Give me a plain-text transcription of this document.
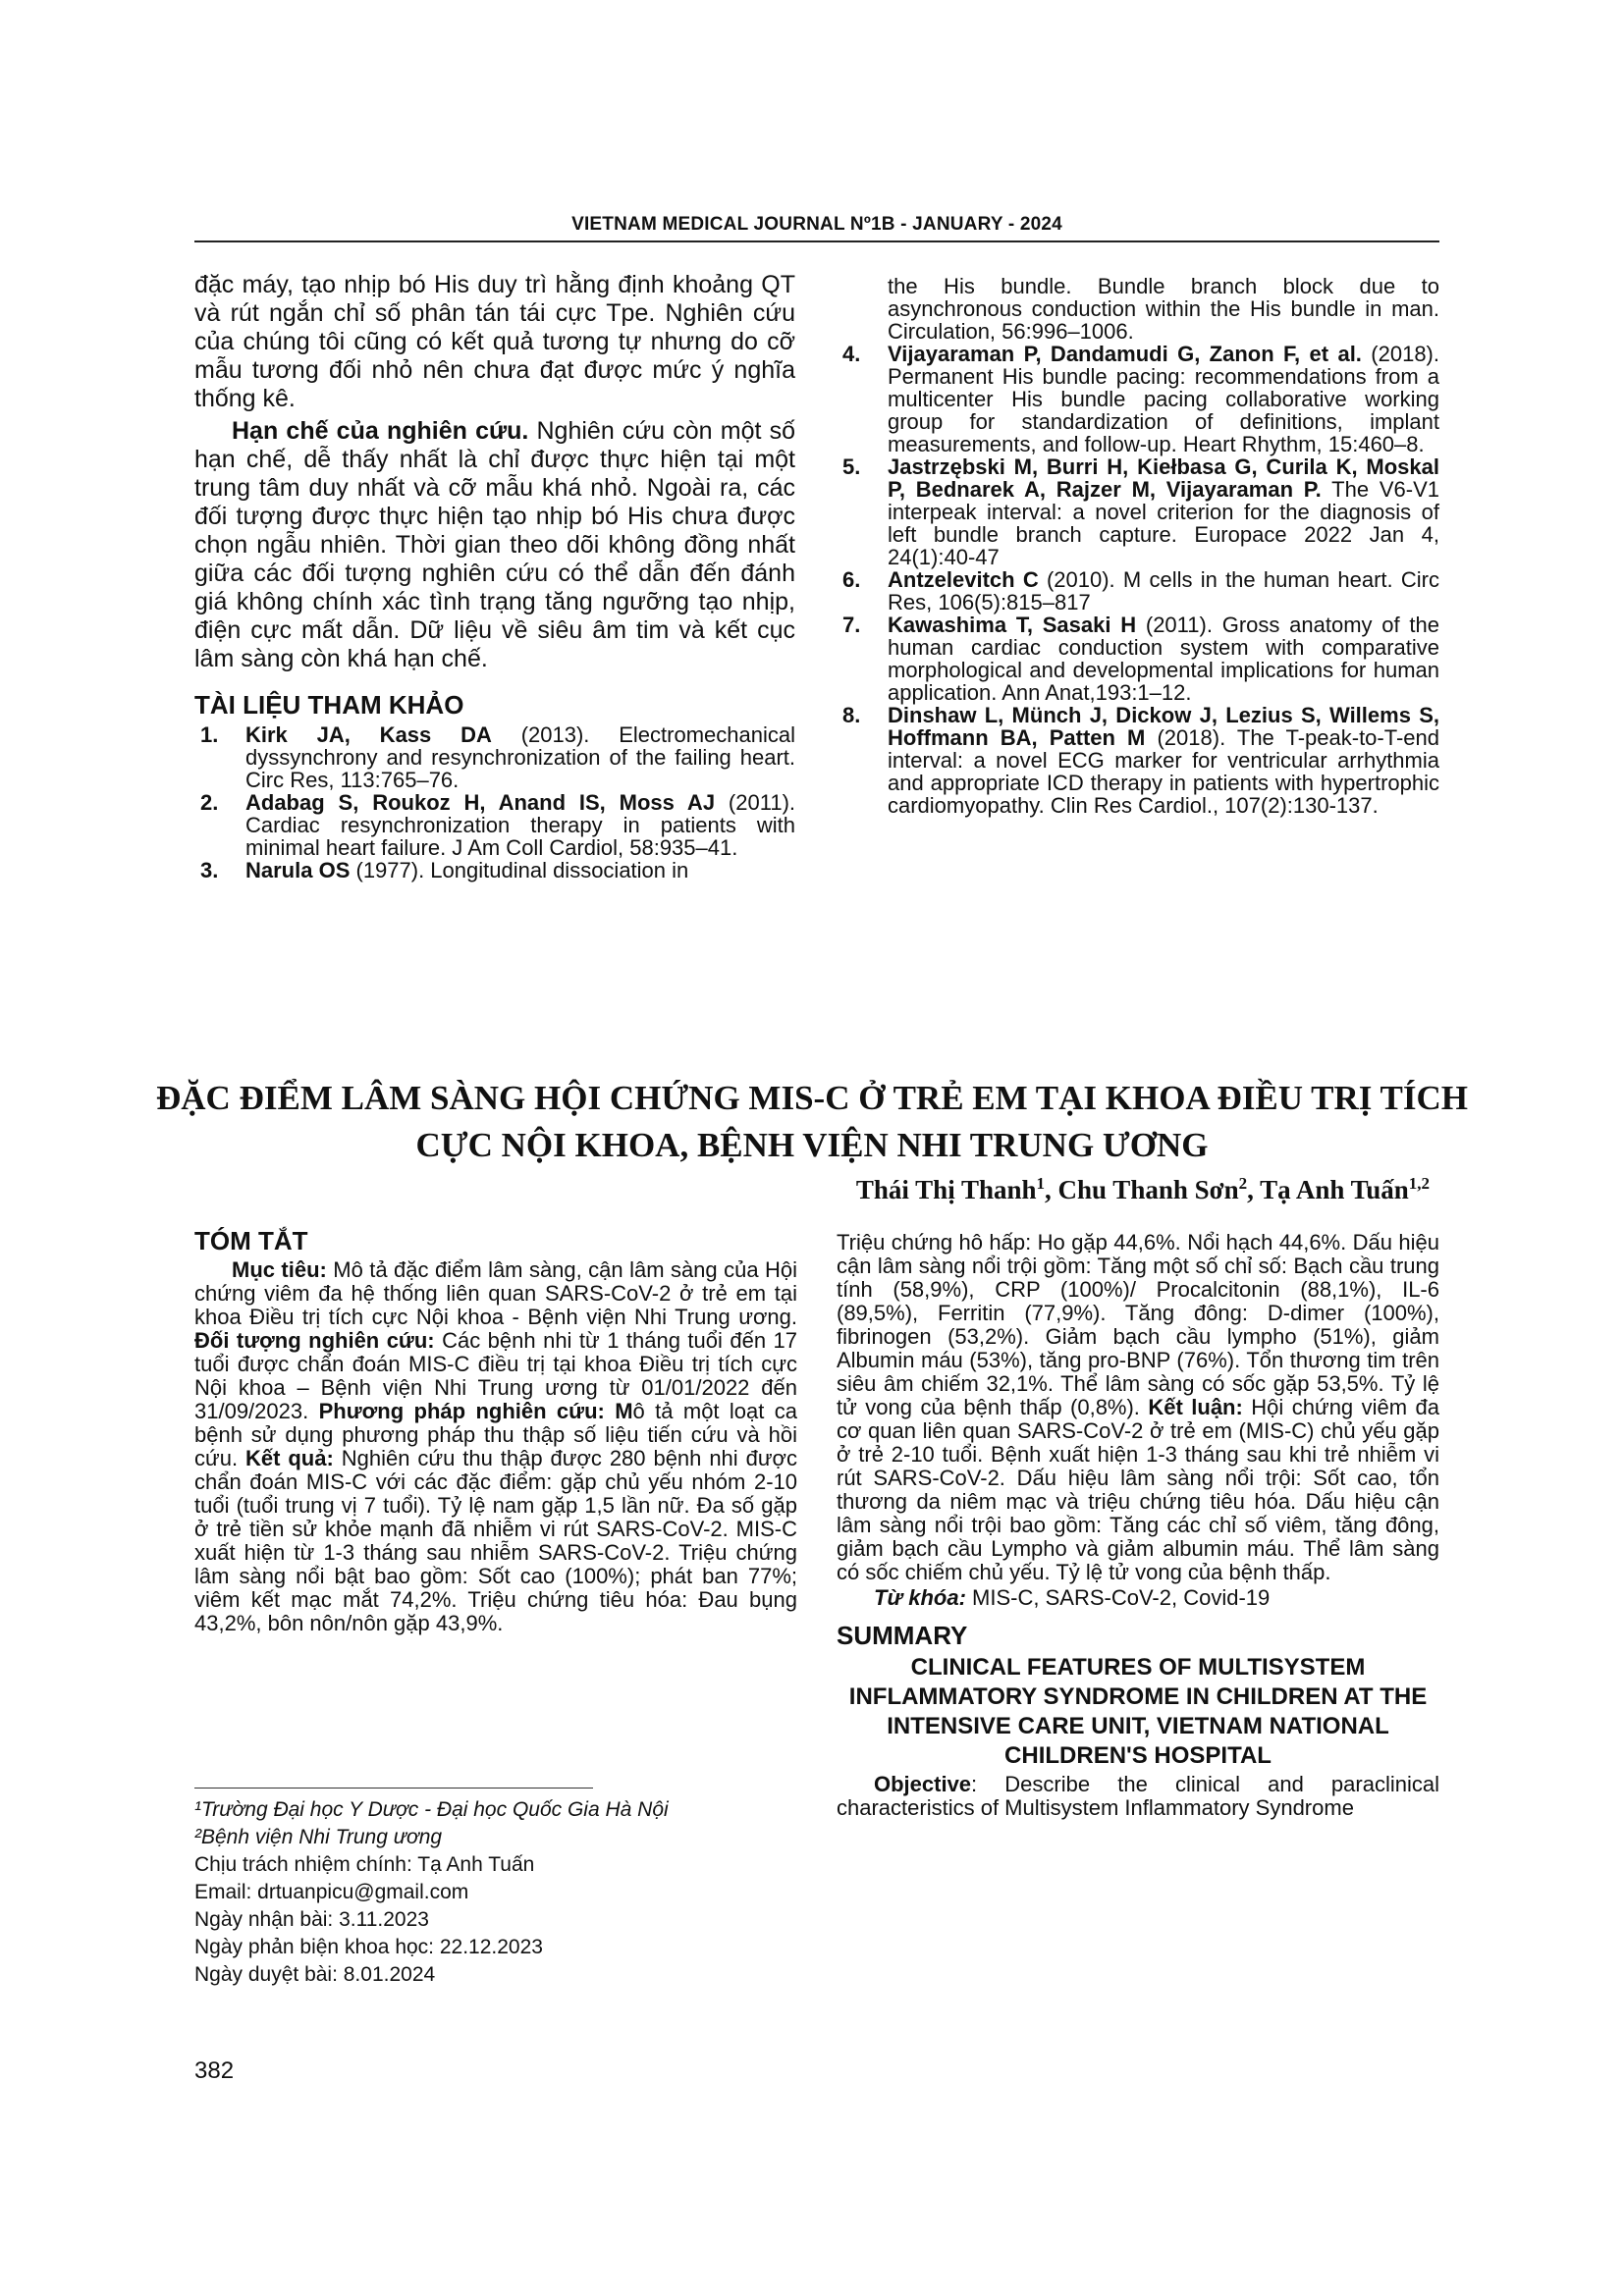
VIETNAM MEDICAL JOURNAL Nº1B - JANUARY - 2024

đặc máy, tạo nhịp bó His duy trì hằng định khoảng QT và rút ngắn chỉ số phân tán tái cực Tpe. Nghiên cứu của chúng tôi cũng có kết quả tương tự nhưng do cỡ mẫu tương đối nhỏ nên chưa đạt được mức ý nghĩa thống kê.

Hạn chế của nghiên cứu. Nghiên cứu còn một số hạn chế, dễ thấy nhất là chỉ được thực hiện tại một trung tâm duy nhất và cỡ mẫu khá nhỏ. Ngoài ra, các đối tượng được thực hiện tạo nhịp bó His chưa được chọn ngẫu nhiên. Thời gian theo dõi không đồng nhất giữa các đối tượng nghiên cứu có thể dẫn đến đánh giá không chính xác tình trạng tăng ngưỡng tạo nhịp, điện cực mất dẫn. Dữ liệu về siêu âm tim và kết cục lâm sàng còn khá hạn chế.

TÀI LIỆU THAM KHẢO
1. Kirk JA, Kass DA (2013). Electromechanical dyssynchrony and resynchronization of the failing heart. Circ Res, 113:765–76.
2. Adabag S, Roukoz H, Anand IS, Moss AJ (2011). Cardiac resynchronization therapy in patients with minimal heart failure. J Am Coll Cardiol, 58:935–41.
3. Narula OS (1977). Longitudinal dissociation in
the His bundle. Bundle branch block due to asynchronous conduction within the His bundle in man. Circulation, 56:996–1006.
4. Vijayaraman P, Dandamudi G, Zanon F, et al. (2018). Permanent His bundle pacing: recommendations from a multicenter His bundle pacing collaborative working group for standardization of definitions, implant measurements, and follow-up. Heart Rhythm, 15:460–8.
5. Jastrzębski M, Burri H, Kiełbasa G, Curila K, Moskal P, Bednarek A, Rajzer M, Vijayaraman P. The V6-V1 interpeak interval: a novel criterion for the diagnosis of left bundle branch capture. Europace 2022 Jan 4, 24(1):40-47
6. Antzelevitch C (2010). M cells in the human heart. Circ Res, 106(5):815–817
7. Kawashima T, Sasaki H (2011). Gross anatomy of the human cardiac conduction system with comparative morphological and developmental implications for human application. Ann Anat,193:1–12.
8. Dinshaw L, Münch J, Dickow J, Lezius S, Willems S, Hoffmann BA, Patten M (2018). The T-peak-to-T-end interval: a novel ECG marker for ventricular arrhythmia and appropriate ICD therapy in patients with hypertrophic cardiomyopathy. Clin Res Cardiol., 107(2):130-137.
ĐẶC ĐIỂM LÂM SÀNG HỘI CHỨNG MIS-C Ở TRẺ EM TẠI KHOA ĐIỀU TRỊ TÍCH CỰC NỘI KHOA, BỆNH VIỆN NHI TRUNG ƯƠNG
Thái Thị Thanh$^1$, Chu Thanh Sơn$^2$, Tạ Anh Tuấn$^{1,2}$
TÓM TẮT

Mục tiêu: Mô tả đặc điểm lâm sàng, cận lâm sàng của Hội chứng viêm đa hệ thống liên quan SARS-CoV-2 ở trẻ em tại khoa Điều trị tích cực Nội khoa - Bệnh viện Nhi Trung ương. Đối tượng nghiên cứu: Các bệnh nhi từ 1 tháng tuổi đến 17 tuổi được chẩn đoán MIS-C điều trị tại khoa Điều trị tích cực Nội khoa – Bệnh viện Nhi Trung ương từ 01/01/2022 đến 31/09/2023. Phương pháp nghiên cứu: Mô tả một loạt ca bệnh sử dụng phương pháp thu thập số liệu tiến cứu và hồi cứu. Kết quả: Nghiên cứu thu thập được 280 bệnh nhi được chẩn đoán MIS-C với các đặc điểm: gặp chủ yếu nhóm 2-10 tuổi (tuổi trung vị 7 tuổi). Tỷ lệ nam gặp 1,5 lần nữ. Đa số gặp ở trẻ tiền sử khỏe mạnh đã nhiễm vi rút SARS-CoV-2. MIS-C xuất hiện từ 1-3 tháng sau nhiễm SARS-CoV-2. Triệu chứng lâm sàng nổi bật bao gồm: Sốt cao (100%); phát ban 77%; viêm kết mạc mắt 74,2%. Triệu chứng tiêu hóa: Đau bụng 43,2%, bôn nôn/nôn gặp 43,9%.

Triệu chứng hô hấp: Ho gặp 44,6%. Nổi hạch 44,6%. Dấu hiệu cận lâm sàng nổi trội gồm: Tăng một số chỉ số: Bạch cầu trung tính (58,9%), CRP (100%)/ Procalcitonin (88,1%), IL-6 (89,5%), Ferritin (77,9%). Tăng đông: D-dimer (100%), fibrinogen (53,2%). Giảm bạch cầu lympho (51%), giảm Albumin máu (53%), tăng pro-BNP (76%). Tổn thương tim trên siêu âm chiếm 32,1%. Thể lâm sàng có sốc gặp 53,5%. Tỷ lệ tử vong của bệnh thấp (0,8%). Kết luận: Hội chứng viêm đa cơ quan liên quan SARS-CoV-2 ở trẻ em (MIS-C) chủ yếu gặp ở trẻ 2-10 tuổi. Bệnh xuất hiện 1-3 tháng sau khi trẻ nhiễm vi rút SARS-CoV-2. Dấu hiệu lâm sàng nổi trội: Sốt cao, tổn thương da niêm mạc và triệu chứng tiêu hóa. Dấu hiệu cận lâm sàng nổi trội bao gồm: Tăng các chỉ số viêm, tăng đông, giảm bạch cầu Lympho và giảm albumin máu. Thể lâm sàng có sốc chiếm chủ yếu. Tỷ lệ tử vong của bệnh thấp.

Từ khóa: MIS-C, SARS-CoV-2, Covid-19

SUMMARY
CLINICAL FEATURES OF MULTISYSTEM INFLAMMATORY SYNDROME IN CHILDREN AT THE INTENSIVE CARE UNIT, VIETNAM NATIONAL CHILDREN'S HOSPITAL

Objective: Describe the clinical and paraclinical characteristics of Multisystem Inflammatory Syndrome

¹Trường Đại học Y Dược - Đại học Quốc Gia Hà Nội
²Bệnh viện Nhi Trung ương
Chịu trách nhiệm chính: Tạ Anh Tuấn
Email: drtuanpicu@gmail.com
Ngày nhận bài: 3.11.2023
Ngày phản biện khoa học: 22.12.2023
Ngày duyệt bài: 8.01.2024
382
